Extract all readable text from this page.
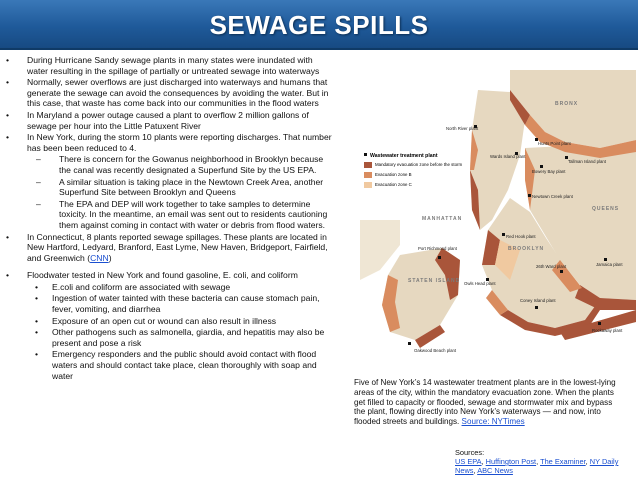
SEWAGE SPILLS
• During Hurricane Sandy sewage plants in many states were inundated with water resulting in the spillage of partially or untreated sewage into waterways
• Normally, sewer overflows are just discharged into waterways and humans that generate the sewage can avoid the consequences by avoiding the water. But in this case, that waste has come back into our communities in the flood waters
• In Maryland a power outage caused a plant to overflow 2 million gallons of sewage per hour into the Little Patuxent River
• In New York, during the storm 10 plants were reporting discharges. That number has been been reduced to 4.
– There is concern for the Gowanus neighborhood in Brooklyn because the canal was recently designated a Superfund Site by the US EPA.
– A similar situation is taking place in the Newtown Creek Area, another Superfund Site between Brooklyn and Queens
– The EPA and DEP will work together to take samples to determine toxicity. In the meantime, an email was sent out to residents cautioning them against coming in contact with water or debris from flood waters.
• In Connecticut, 8 plants reported sewage spillages. These plants are located in New Hartford, Ledyard, Branford, East Lyme, New Haven, Bridgeport, Fairfield, and Greenwich (CNN)
• Floodwater tested in New York and found gasoline, E. coli, and coliform
• E.coli and coliform are associated with sewage
• Ingestion of water tainted with these bacteria can cause stomach pain, fever, vomiting, and diarrhea
• Exposure of an open cut or wound can also result in illness
• Other pathogens such as salmonella, giardia, and hepatitis may also be present and pose a risk
• Emergency responders and the public should avoid contact with flood waters and should contact take place, clean thoroughly with soap and water
BRONX
MANHATTAN
QUEENS
BROOKLYN
STATEN ISLAND
North River plant
Hunts Point plant
Wards Island plant
Bowery Bay plant
Tallman Island plant
Newtown Creek plant
Red Hook plant
Port Richmond plant
26th Ward plant
Owls Head plant
Jamaica plant
Coney Island plant
Rockaway plant
Oakwood Beach plant
Wastewater treatment plant
Mandatory evacuation zone before the storm
Evacuation zone B
Evacuation zone C
Five of New York’s 14 wastewater treatment plants are in the lowest-lying areas of the city, within the mandatory evacuation zone. When the plants get filled to capacity or flooded, sewage and stormwater mix and bypass the plant, flowing directly into New York’s waterways — and now, into flooded streets and buildings. Source: NYTimes
Sources:
US EPA, Huffington Post, The Examiner, NY Daily News, ABC News
